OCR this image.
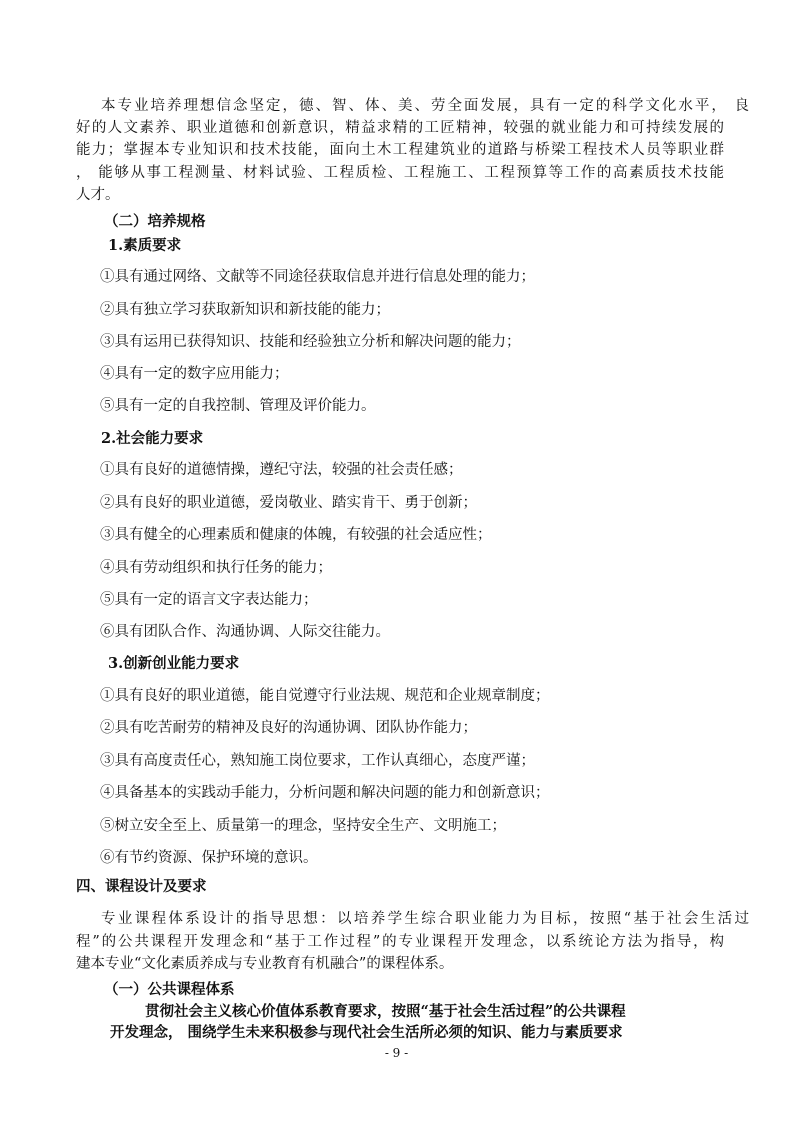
本专业培养理想信念坚定，德、智、体、美、劳全面发展，具有一定的科学文化水平， 良
好的人文素养、职业道德和创新意识，精益求精的工匠精神，较强的就业能力和可持续发展的
能力；掌握本专业知识和技术技能，面向土木工程建筑业的道路与桥梁工程技术人员等职业群
， 能够从事工程测量、材料试验、工程质检、工程施工、工程预算等工作的高素质技术技能
人才。
（二）培养规格
1.素质要求
①具有通过网络、文献等不同途径获取信息并进行信息处理的能力；
②具有独立学习获取新知识和新技能的能力；
③具有运用已获得知识、技能和经验独立分析和解决问题的能力；
④具有一定的数字应用能力；
⑤具有一定的自我控制、管理及评价能力。
2.社会能力要求
①具有良好的道德情操，遵纪守法，较强的社会责任感；
②具有良好的职业道德，爱岗敬业、踏实肯干、勇于创新；
③具有健全的心理素质和健康的体魄，有较强的社会适应性；
④具有劳动组织和执行任务的能力；
⑤具有一定的语言文字表达能力；
⑥具有团队合作、沟通协调、人际交往能力。
3.创新创业能力要求
①具有良好的职业道德，能自觉遵守行业法规、规范和企业规章制度；
②具有吃苦耐劳的精神及良好的沟通协调、团队协作能力；
③具有高度责任心，熟知施工岗位要求，工作认真细心，态度严谨；
④具备基本的实践动手能力，分析问题和解决问题的能力和创新意识；
⑤树立安全至上、质量第一的理念，坚持安全生产、文明施工；
⑥有节约资源、保护环境的意识。
四、课程设计及要求
专业课程体系设计的指导思想：以培养学生综合职业能力为目标，按照“基于社会生活过
程”的公共课程开发理念和“基于工作过程”的专业课程开发理念，以系统论方法为指导，构
建本专业“文化素质养成与专业教育有机融合”的课程体系。
（一）公共课程体系
贯彻社会主义核心价值体系教育要求，按照“基于社会生活过程”的公共课程
开发理念， 围绕学生未来积极参与现代社会生活所必须的知识、能力与素质要求
- 9 -
